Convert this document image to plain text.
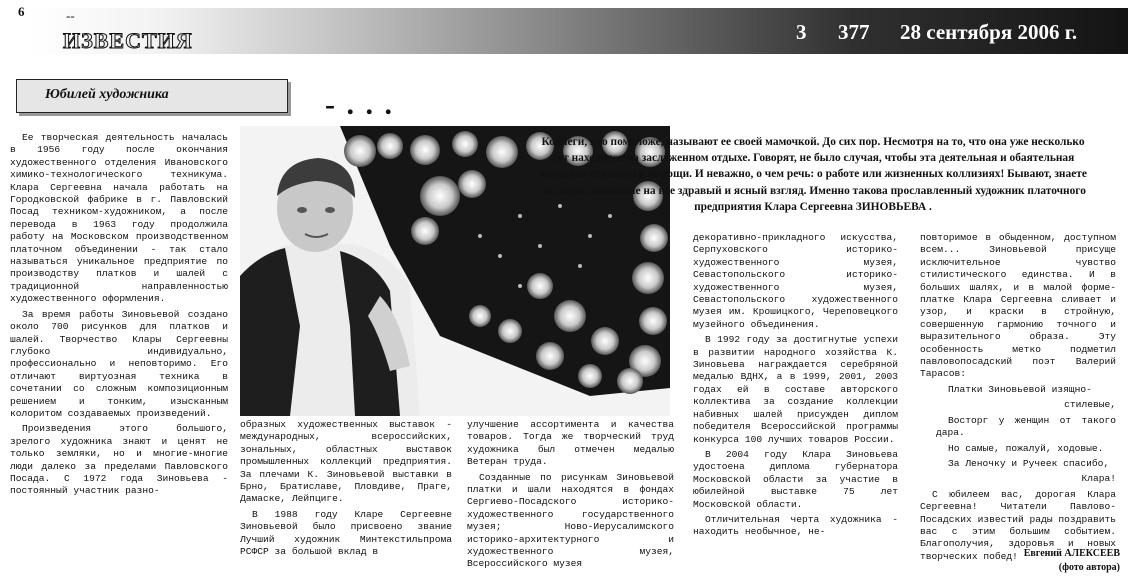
6	--
ИЗВЕСТИЯ	3 377 28 сентября 2006 г.
Юбилей художника	- . . .
Коллеги, кто помоложе, называют ее своей мамочкой. До сих пор. Несмотря на то, что она уже несколько лет находится на заслуженном отдыхе. Говорят, не было случая, чтобы эта деятельная и обаятельная женщина отказала в помощи. И неважно, о чем речь: о работе или жизненных коллизиях! Бывают, знаете ли, люди, имеющие на все здравый и ясный взгляд. Именно такова прославленный художник платочного предприятия Клара Сергеевна ЗИНОВЬЕВА .

Ее творческая деятельность началась в 1956 году после окончания художественного отделения Ивановского химико-технологического техникума. Клара Сергеевна начала работать на Городковской фабрике в г. Павловский Посад техником-художником, а после перевода в 1963 году продолжила работу на Московском производственном платочном объединении - так стало называться уникальное предприятие по производству платков и шалей с традиционной направленностью художественного оформления.

За время работы Зиновьевой создано около 700 рисунков для платков и шалей. Творчество Клары Сергеевны глубоко индивидуально, профессионально и неповторимо. Его отличают виртуозная техника в сочетании со сложным композиционным решением и тонким, изысканным колоритом создаваемых произведений.

Произведения этого большого, зрелого художника знают и ценят не только земляки, но и многие-многие люди далеко за пределами Павловского Посада. С 1972 года Зиновьева - постоянный участник разно-

образных художественных выставок - международных, всероссийских, зональных, областных выставок промышленных коллекций предприятия. За плечами К. Зиновьевой выставки в Брно, Братиславе, Пловдиве, Праге, Дамаске, Лейпциге.

В 1988 году Кларе Сергеевне Зиновьевой было присвоено звание Лучший художник Минтекстильпрома РСФСР за большой вклад в

улучшение ассортимента и качества товаров. Тогда же творческий труд художника был отмечен медалью Ветеран труда.

Созданные по рисункам Зиновьевой платки и шали находятся в фондах Сергиево-Посадского историко-художественного государственного музея; Ново-Иерусалимского историко-архитектурного и художественного музея, Всероссийского музея

декоративно-прикладного искусства, Серпуховского историко-художественного музея, Севастопольского историко-художественного музея, Севастопольского художественного музея им. Крошицкого, Череповецкого музейного объединения.

В 1992 году за достигнутые успехи в развитии народного хозяйства К. Зиновьева награждается серебряной медалью ВДНХ, а в 1999, 2001, 2003 годах ей в составе авторского коллектива за создание коллекции набивных шалей присужден диплом победителя Всероссийской программы конкурса 100 лучших товаров России.

В 2004 году Клара Зиновьева удостоена диплома губернатора Московской области за участие в юбилейной выставке 75 лет Московской области.

Отличительная черта художника - находить необычное, не-

повторимое в обыденном, доступном всем... Зиновьевой присуще исключительное чувство стилистического единства. И в больших шалях, и в малой форме-платке Клара Сергеевна сливает и узор, и краски в стройную, совершенную гармонию точного и выразительного образа. Эту особенность метко подметил павловопосадский поэт Валерий Тарасов:

Платки Зиновьевой изящно-

стилевые,

Восторг у женщин от такого дара.

Но самые, пожалуй, ходовые.

За Леночку и Ручеек спасибо,

Клара!

С юбилеем вас, дорогая Клара Сергеевна! Читатели Павлово-Посадских известий рады поздравить вас с этим большим событием. Благополучия, здоровья и новых творческих побед! Евгений АЛЕКСЕЕВ
(фото автора)
